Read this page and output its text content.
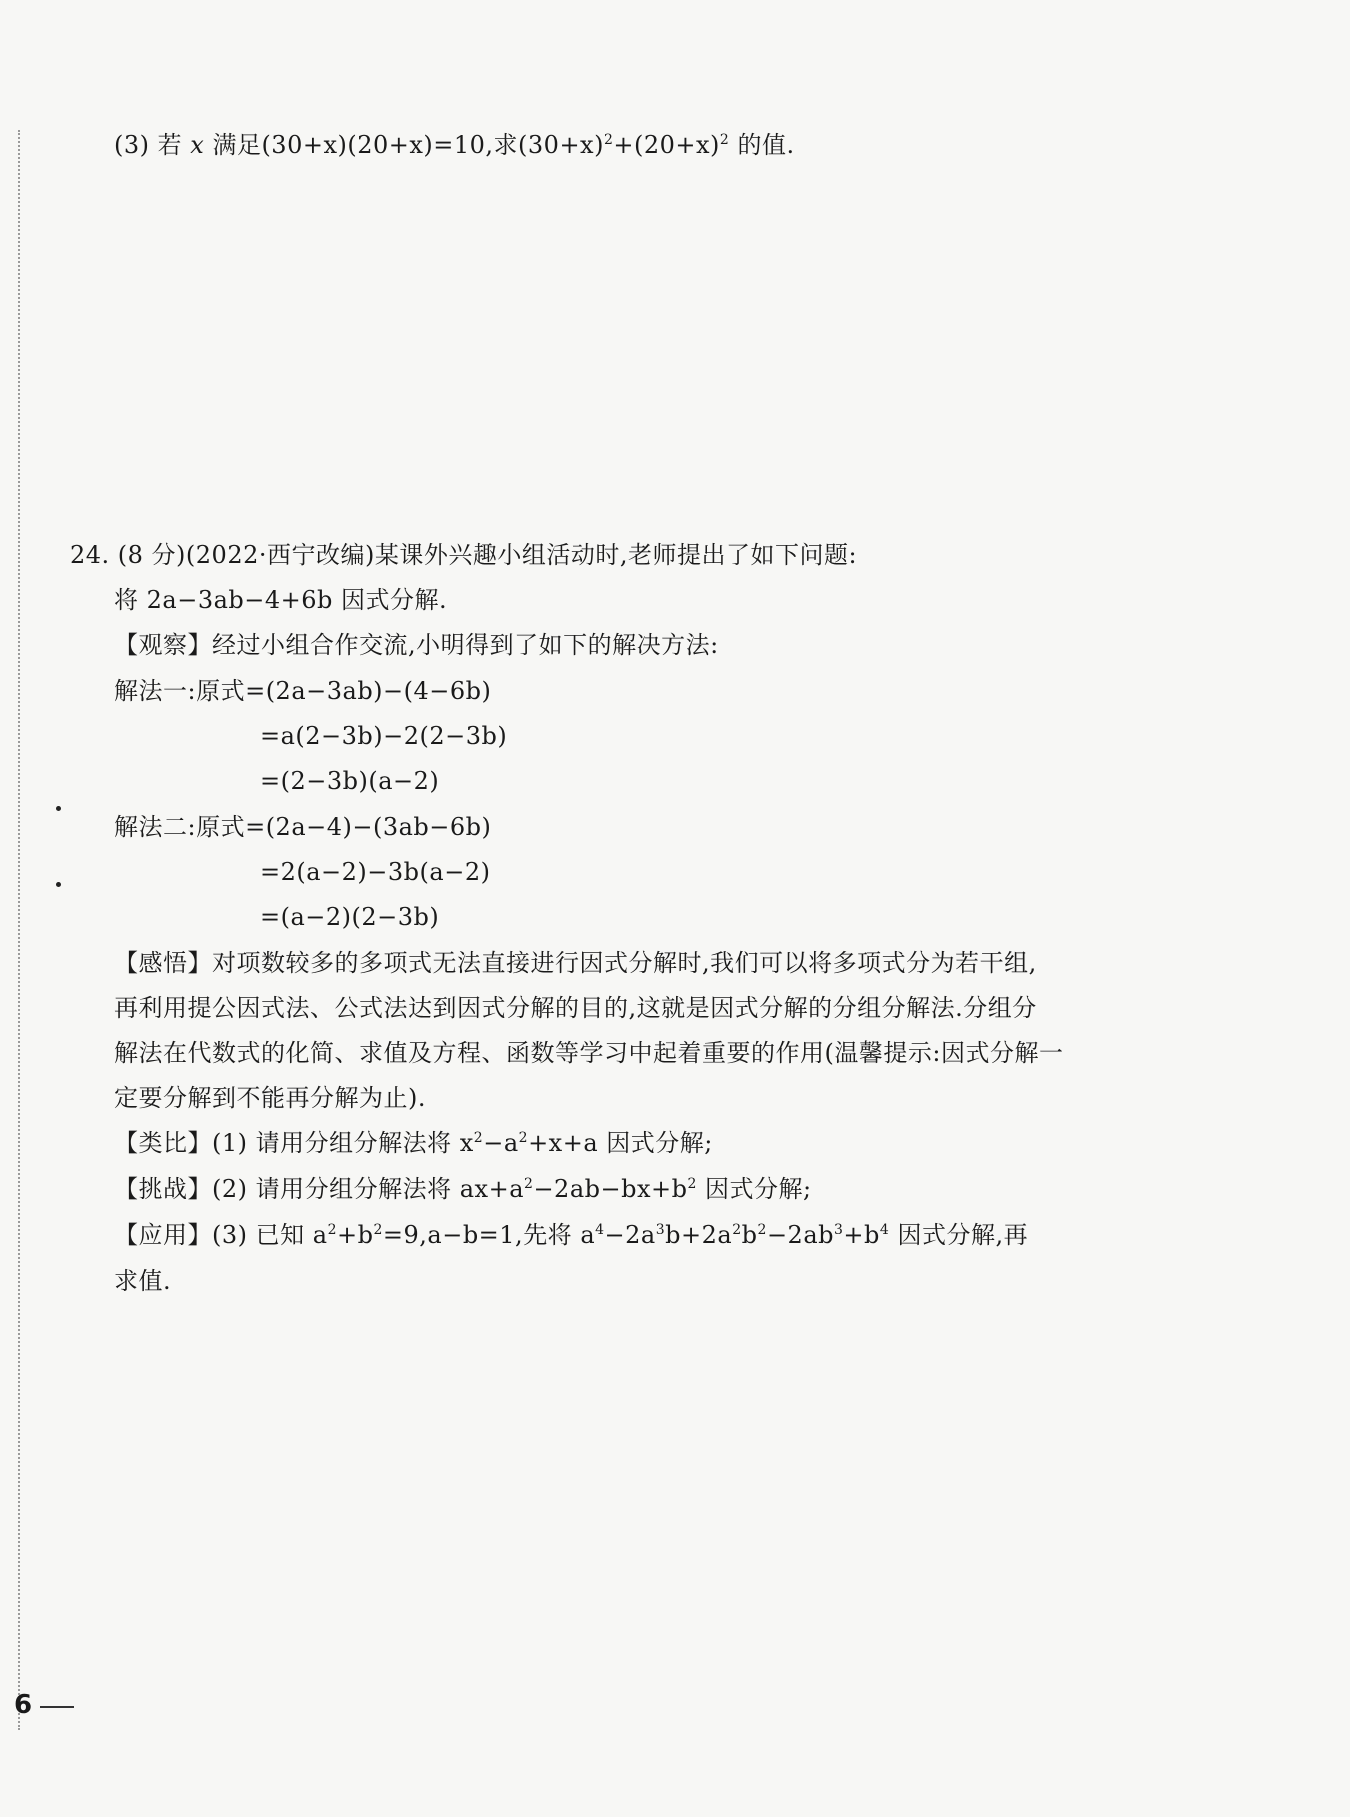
(3) 若 x 满足(30+x)(20+x)=10,求$(30+x)^2+(20+x)^2$ 的值.
24. (8 分)(2022·西宁改编)某课外兴趣小组活动时,老师提出了如下问题:
将 2a−3ab−4+6b 因式分解.
【观察】经过小组合作交流,小明得到了如下的解决方法:
解法一:原式=(2a−3ab)−(4−6b)
=a(2−3b)−2(2−3b)
=(2−3b)(a−2)
解法二:原式=(2a−4)−(3ab−6b)
=2(a−2)−3b(a−2)
=(a−2)(2−3b)
【感悟】对项数较多的多项式无法直接进行因式分解时,我们可以将多项式分为若干组,
再利用提公因式法、公式法达到因式分解的目的,这就是因式分解的分组分解法.分组分
解法在代数式的化简、求值及方程、函数等学习中起着重要的作用(温馨提示:因式分解一
定要分解到不能再分解为止).
【类比】(1) 请用分组分解法将 $x^2-a^2+x+a$ 因式分解;
【挑战】(2) 请用分组分解法将 $ax+a^2-2ab-bx+b^2$ 因式分解;
【应用】(3) 已知 $a^2+b^2=9,a-b=1$,先将 $a^4-2a^3b+2a^2b^2-2ab^3+b^4$ 因式分解,再
求值.
6
